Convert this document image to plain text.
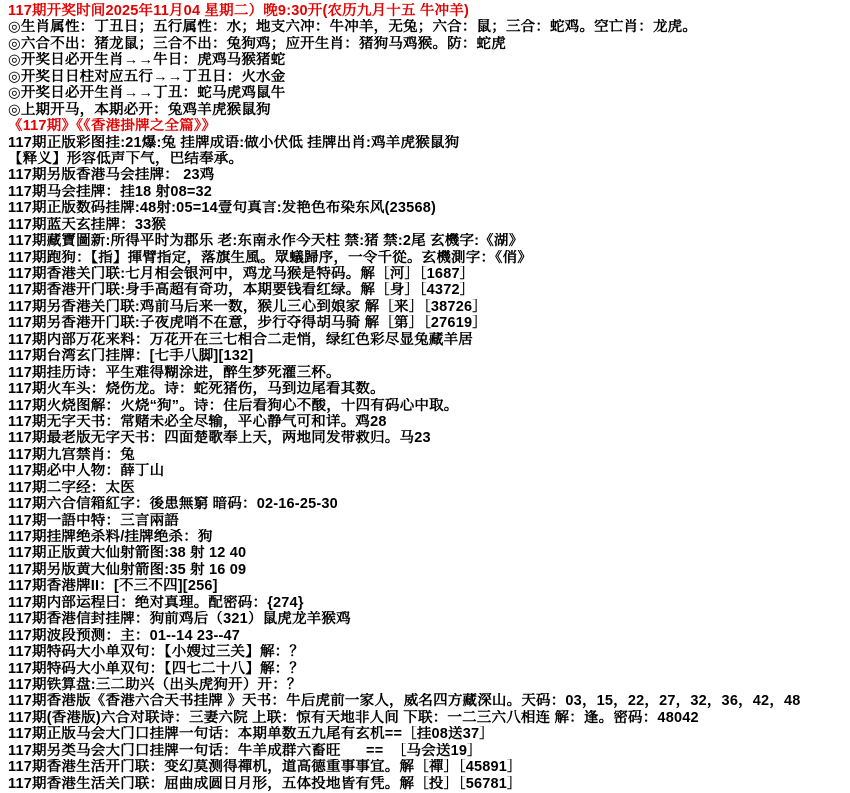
117期开奖时间2025年11月04 星期二）晚9:30开(农历九月十五 牛冲羊)
◎生肖属性：丁丑日；五行属性：水；地支六冲：牛冲羊，无兔；六合：鼠；三合：蛇鸡。空亡肖：龙虎。
◎六合不出：猪龙鼠；三合不出：兔狗鸡；应开生肖：猪狗马鸡猴。防：蛇虎
◎开奖日必开生肖→→牛日：虎鸡马猴猪蛇
◎开奖日日柱对应五行→→丁丑日：火水金
◎开奖日必开生肖→→丁丑：蛇马虎鸡鼠牛
◎上期开马，本期必开：兔鸡羊虎猴鼠狗
《117期》《《香港掛牌之全篇》》
117期正版彩图挂:21爆:兔 挂牌成语:做小伏低 挂牌出肖:鸡羊虎猴鼠狗
【释义】形容低声下气，巴结奉承。
117期另版香港马会挂牌： 23鸡
117期马会挂牌：挂18 射08=32
117期正版数码挂牌:48射:05=14壹句真言:发艳色布染东风(23568)
117期蓝天玄挂牌：33猴
117期藏寶圖新:所得平时为郡乐 老:东南永作今天柱 禁:猪 禁:2尾 玄機字:《湖》
117期跑狗：【指】揮臂指定，落旗生風。眾蟻歸序，一令千從。玄機測字：《俏》
117期香港关门联:七月相会银河中，鸡龙马猴是特码。解［河］［1687］
117期香港开门联:身手高超有奇功，本期要钱看红绿。解［身］［4372］
117期另香港关门联:鸡前马后来一数，猴儿三心到娘家 解［来］［38726］
117期另香港开门联:子夜虎哨不在意，步行夺得胡马骑 解［第］［27619］
117期内部万花来料：万花开在三七相合二走悄，绿红色彩尽显兔藏羊居
117期台湾玄门挂牌：[七手八脚][132]
117期挂历诗：平生难得糊涂进，醉生梦死灌三杯。
117期火车头：烧伤龙。诗：蛇死猪伤，马到边尾看其数。
117期火烧图解：火烧“狗”。诗：住后看狗心不酸，十四有码心中取。
117期无字天书：常赌未必全尽输，平心静气可和详。鸡28
117期最老版无字天书：四面楚歌奉上天，两地同发带救归。马23
117期九宫禁肖：兔
117期必中人物：薛丁山
117期二字经：太医
117期六合信箱紅字：後患無窮 暗码：02-16-25-30
117期一語中特：三言兩語
117期挂牌绝杀料/挂牌绝杀：狗
117期正版黄大仙射箭图:38 射 12 40
117期另版黄大仙射箭图:35 射 16 09
117期香港牌II：[不三不四][256]
117期内部运程曰：绝对真理。配密码：{274}
117期香港信封挂牌：狗前鸡后（321）鼠虎龙羊猴鸡
117期波段预测：主：01--14 23--47
117期特码大小单双句：【小嫂过三关】解：？
117期特码大小单双句：【四七二十八】解：？
117期铁算盘:三二助兴（出头虎狗开）开：？
117期香港版《香港六合天书挂牌 》天书：牛后虎前一家人，威名四方藏深山。天码：03，15，22，27，32，36，42，48
117期(香港版)六合对联诗：三妻六院 上联：惊有天地非人间 下联：一二三六八相连 解：逢。密码：48042
117期正版马会大门口挂牌一句话：本期单数五九尾有玄机==［挂08送37］
117期另类马会大门口挂牌一句话：牛羊成群六畜旺      ==  ［马会送19］
117期香港生活开门联：变幻莫测得禪机，道高德重事事宜。解［禪］［45891］
117期香港生活关门联：屈曲成圆日月形，五体投地皆有凭。解［投］［56781］
